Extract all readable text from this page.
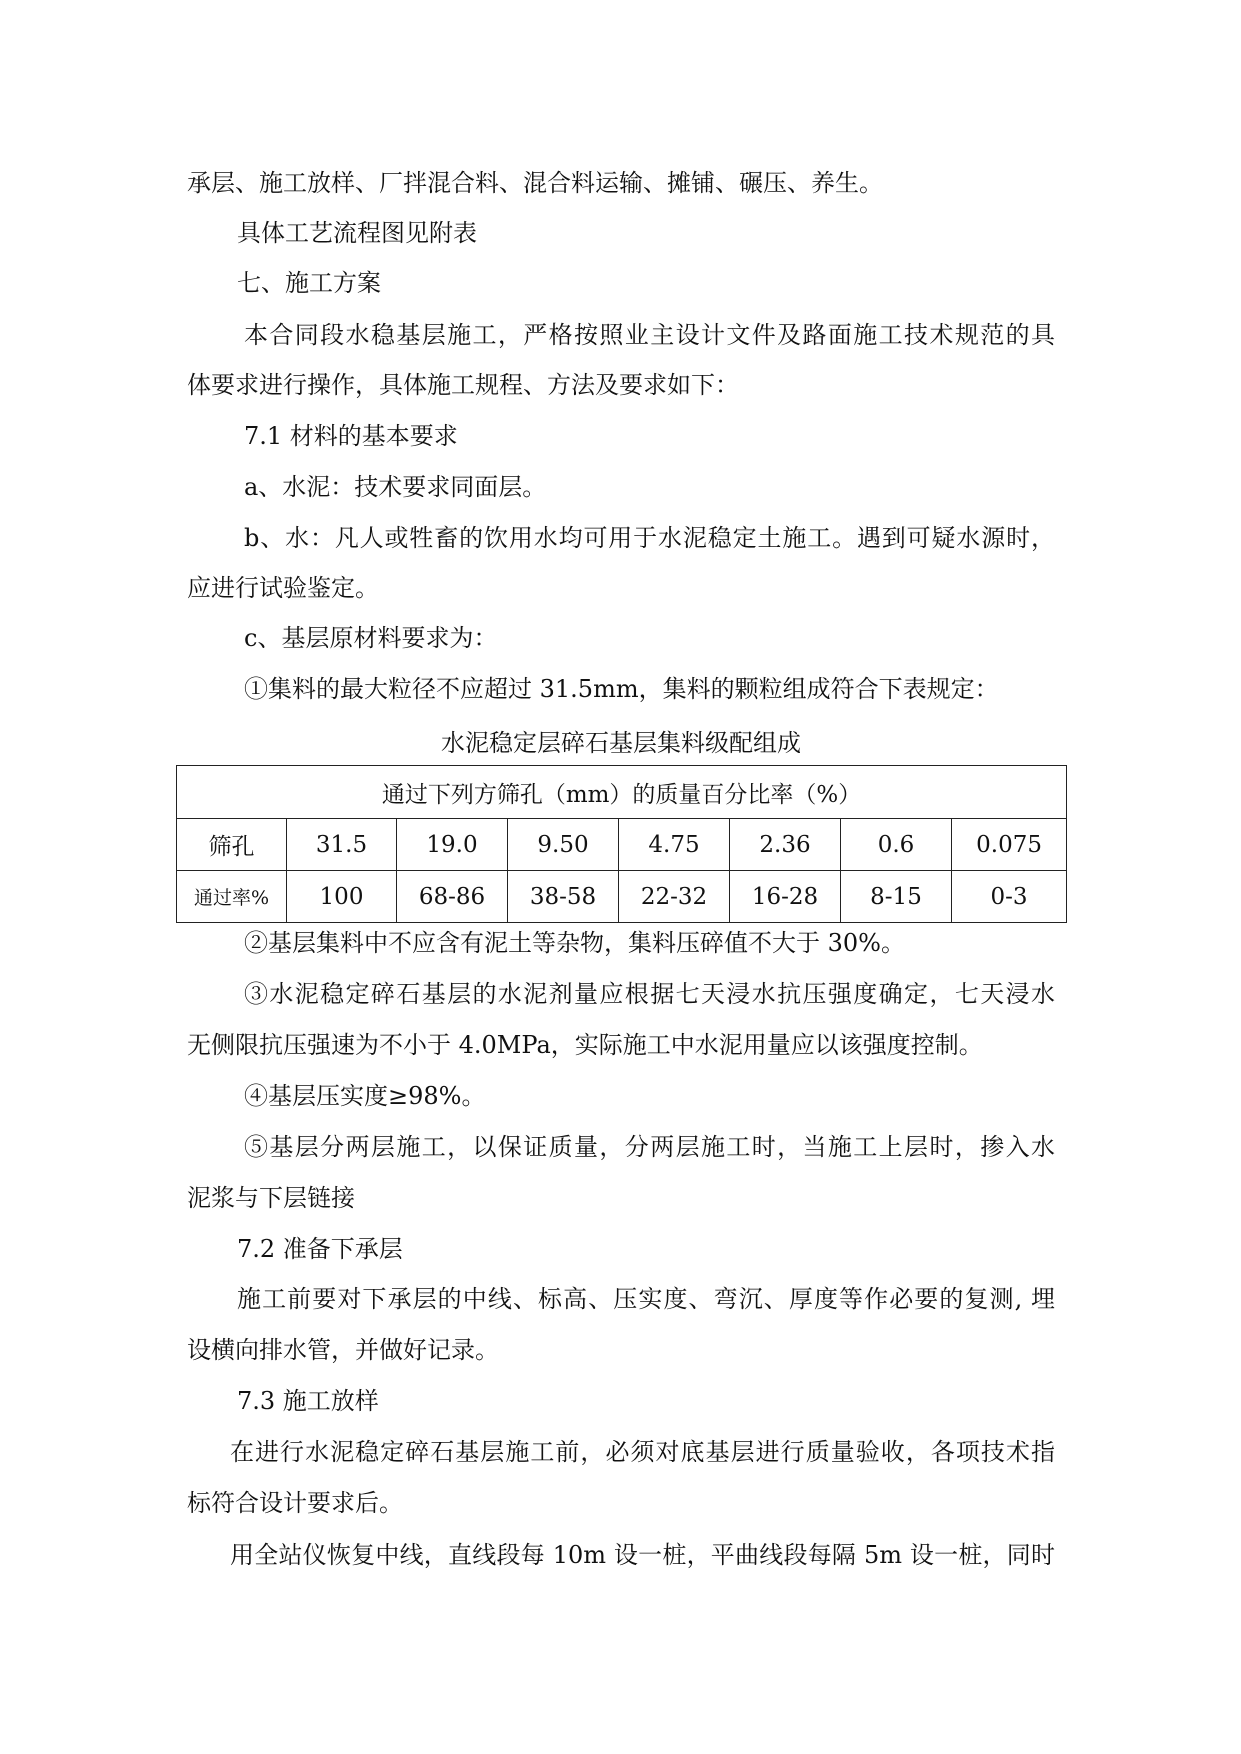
承层、施工放样、厂拌混合料、混合料运输、摊铺、碾压、养生。
具体工艺流程图见附表
七、施工方案
本合同段水稳基层施工，严格按照业主设计文件及路面施工技术规范的具
体要求进行操作，具体施工规程、方法及要求如下：
7.1 材料的基本要求
a、水泥：技术要求同面层。
b、水：凡人或牲畜的饮用水均可用于水泥稳定土施工。遇到可疑水源时，
应进行试验鉴定。
c、基层原材料要求为：
①集料的最大粒径不应超过 31.5mm，集料的颗粒组成符合下表规定：
水泥稳定层碎石基层集料级配组成
通过下列方筛孔（mm）的质量百分比率（%）							
筛孔	31.5	19.0	9.50	4.75	2.36	0.6	0.075
通过率%	100	68-86	38-58	22-32	16-28	8-15	0-3
②基层集料中不应含有泥土等杂物，集料压碎值不大于 30%。
③水泥稳定碎石基层的水泥剂量应根据七天浸水抗压强度确定，七天浸水
无侧限抗压强速为不小于 4.0MPa，实际施工中水泥用量应以该强度控制。
④基层压实度≥98%。
⑤基层分两层施工，以保证质量，分两层施工时，当施工上层时，掺入水
泥浆与下层链接
7.2 准备下承层
施工前要对下承层的中线、标高、压实度、弯沉、厚度等作必要的复测, 埋
设横向排水管，并做好记录。
7.3 施工放样
在进行水泥稳定碎石基层施工前，必须对底基层进行质量验收，各项技术指
标符合设计要求后。
用全站仪恢复中线，直线段每 10m 设一桩，平曲线段每隔 5m 设一桩，同时
